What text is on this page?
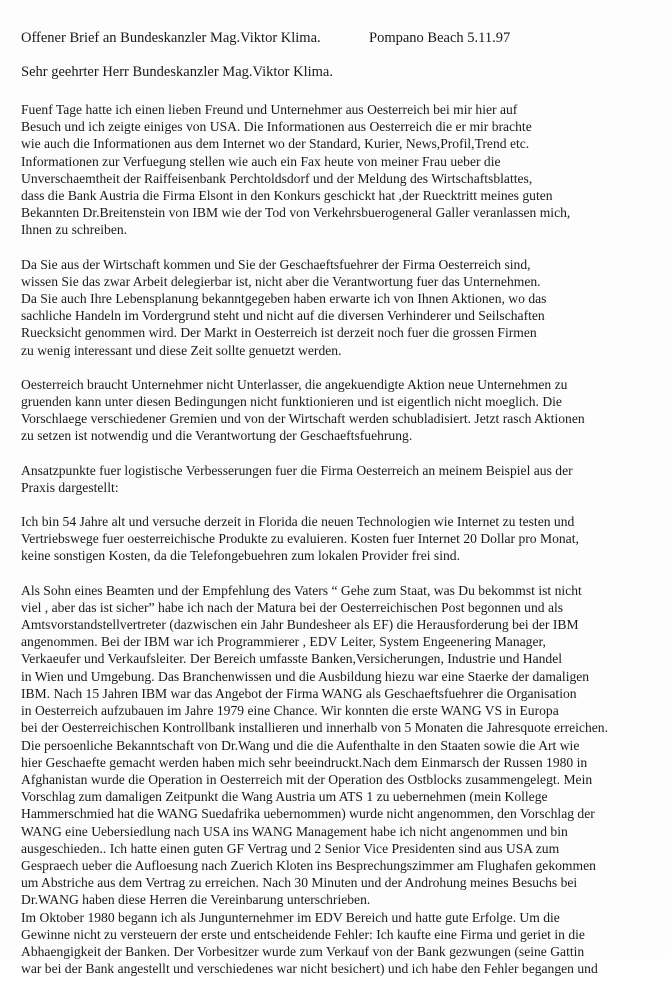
Offener Brief an Bundeskanzler Mag.Viktor Klima.	Pompano Beach 5.11.97
Sehr geehrter Herr Bundeskanzler Mag.Viktor Klima.

Fuenf Tage hatte ich einen lieben Freund und Unternehmer aus Oesterreich bei mir hier auf
Besuch und ich zeigte einiges von USA. Die Informationen aus Oesterreich die er mir brachte
wie auch die Informationen aus dem Internet wo der Standard, Kurier, News,Profil,Trend etc.
Informationen zur Verfuegung stellen wie auch ein Fax heute von meiner Frau ueber die
Unverschaemtheit der Raiffeisenbank Perchtoldsdorf und der Meldung des Wirtschaftsblattes,
dass die Bank Austria die Firma Elsont in den Konkurs geschickt hat ,der Ruecktritt meines guten
Bekannten Dr.Breitenstein von IBM wie der Tod von Verkehrsbuerogeneral Galler veranlassen mich,
Ihnen zu schreiben.

Da Sie aus der Wirtschaft kommen und Sie der Geschaeftsfuehrer der Firma Oesterreich sind,
wissen Sie das zwar Arbeit delegierbar ist, nicht aber die Verantwortung fuer das Unternehmen.
Da Sie auch Ihre Lebensplanung bekanntgegeben haben erwarte ich von Ihnen Aktionen, wo das
sachliche Handeln im Vordergrund steht und nicht auf die diversen Verhinderer und Seilschaften
Ruecksicht genommen wird. Der Markt in Oesterreich ist derzeit noch fuer die grossen Firmen
zu wenig interessant und diese Zeit sollte genuetzt werden.

Oesterreich braucht Unternehmer nicht Unterlasser, die angekuendigte Aktion neue Unternehmen zu
gruenden kann unter diesen Bedingungen nicht funktionieren und ist eigentlich nicht moeglich. Die
Vorschlaege verschiedener Gremien und von der Wirtschaft werden schubladisiert. Jetzt rasch Aktionen
zu setzen ist notwendig und die Verantwortung der Geschaeftsfuehrung.

Ansatzpunkte fuer logistische Verbesserungen fuer die Firma Oesterreich an meinem Beispiel aus der
Praxis dargestellt:

Ich bin 54 Jahre alt und versuche derzeit in Florida die neuen Technologien wie Internet zu testen und
Vertriebswege fuer oesterreichische Produkte zu evaluieren. Kosten fuer Internet 20 Dollar pro Monat,
keine sonstigen Kosten, da die Telefongebuehren zum lokalen Provider frei sind.

Als Sohn eines Beamten und der Empfehlung des Vaters “ Gehe zum Staat, was Du bekommst ist nicht
viel , aber das ist sicher” habe ich nach der Matura bei der Oesterreichischen Post begonnen und als
Amtsvorstandstellvertreter (dazwischen ein Jahr Bundesheer als EF) die Herausforderung bei der IBM
angenommen. Bei der IBM war ich Programmierer , EDV Leiter, System Engeenering Manager,
Verkaeufer und Verkaufsleiter. Der Bereich umfasste Banken,Versicherungen, Industrie und Handel
in Wien und Umgebung. Das Branchenwissen und die Ausbildung hiezu war eine Staerke der damaligen
IBM. Nach 15 Jahren IBM war das Angebot der Firma WANG als Geschaeftsfuehrer die Organisation
in Oesterreich aufzubauen im Jahre 1979 eine Chance. Wir konnten die erste WANG VS in Europa
bei der Oesterreichischen Kontrollbank installieren und innerhalb von 5 Monaten die Jahresquote erreichen.
Die persoenliche Bekanntschaft von Dr.Wang und die die Aufenthalte in den Staaten sowie die Art wie
hier Geschaefte gemacht werden haben mich sehr beeindruckt.Nach dem Einmarsch der Russen 1980 in
Afghanistan wurde die Operation in Oesterreich mit der Operation des Ostblocks zusammengelegt. Mein
Vorschlag zum damaligen Zeitpunkt die Wang Austria um ATS 1 zu uebernehmen (mein Kollege
Hammerschmied hat die WANG Suedafrika uebernommen) wurde nicht angenommen, den Vorschlag der
WANG eine Uebersiedlung nach USA ins WANG Management habe ich nicht angenommen und bin
ausgeschieden.. Ich hatte einen guten GF Vertrag und 2 Senior Vice Presidenten sind aus USA zum
Gespraech ueber die Aufloesung nach Zuerich Kloten ins Besprechungszimmer am Flughafen gekommen
um Abstriche aus dem Vertrag zu erreichen. Nach 30 Minuten und der Androhung meines Besuchs bei
Dr.WANG haben diese Herren die Vereinbarung unterschrieben.
Im Oktober 1980 begann ich als Jungunternehmer im EDV Bereich und hatte gute Erfolge. Um die
Gewinne nicht zu versteuern der erste und entscheidende Fehler: Ich kaufte eine Firma und geriet in die
Abhaengigkeit der Banken. Der Vorbesitzer wurde zum Verkauf von der Bank gezwungen (seine Gattin
war bei der Bank angestellt und verschiedenes war nicht besichert) und ich habe den Fehler begangen und
